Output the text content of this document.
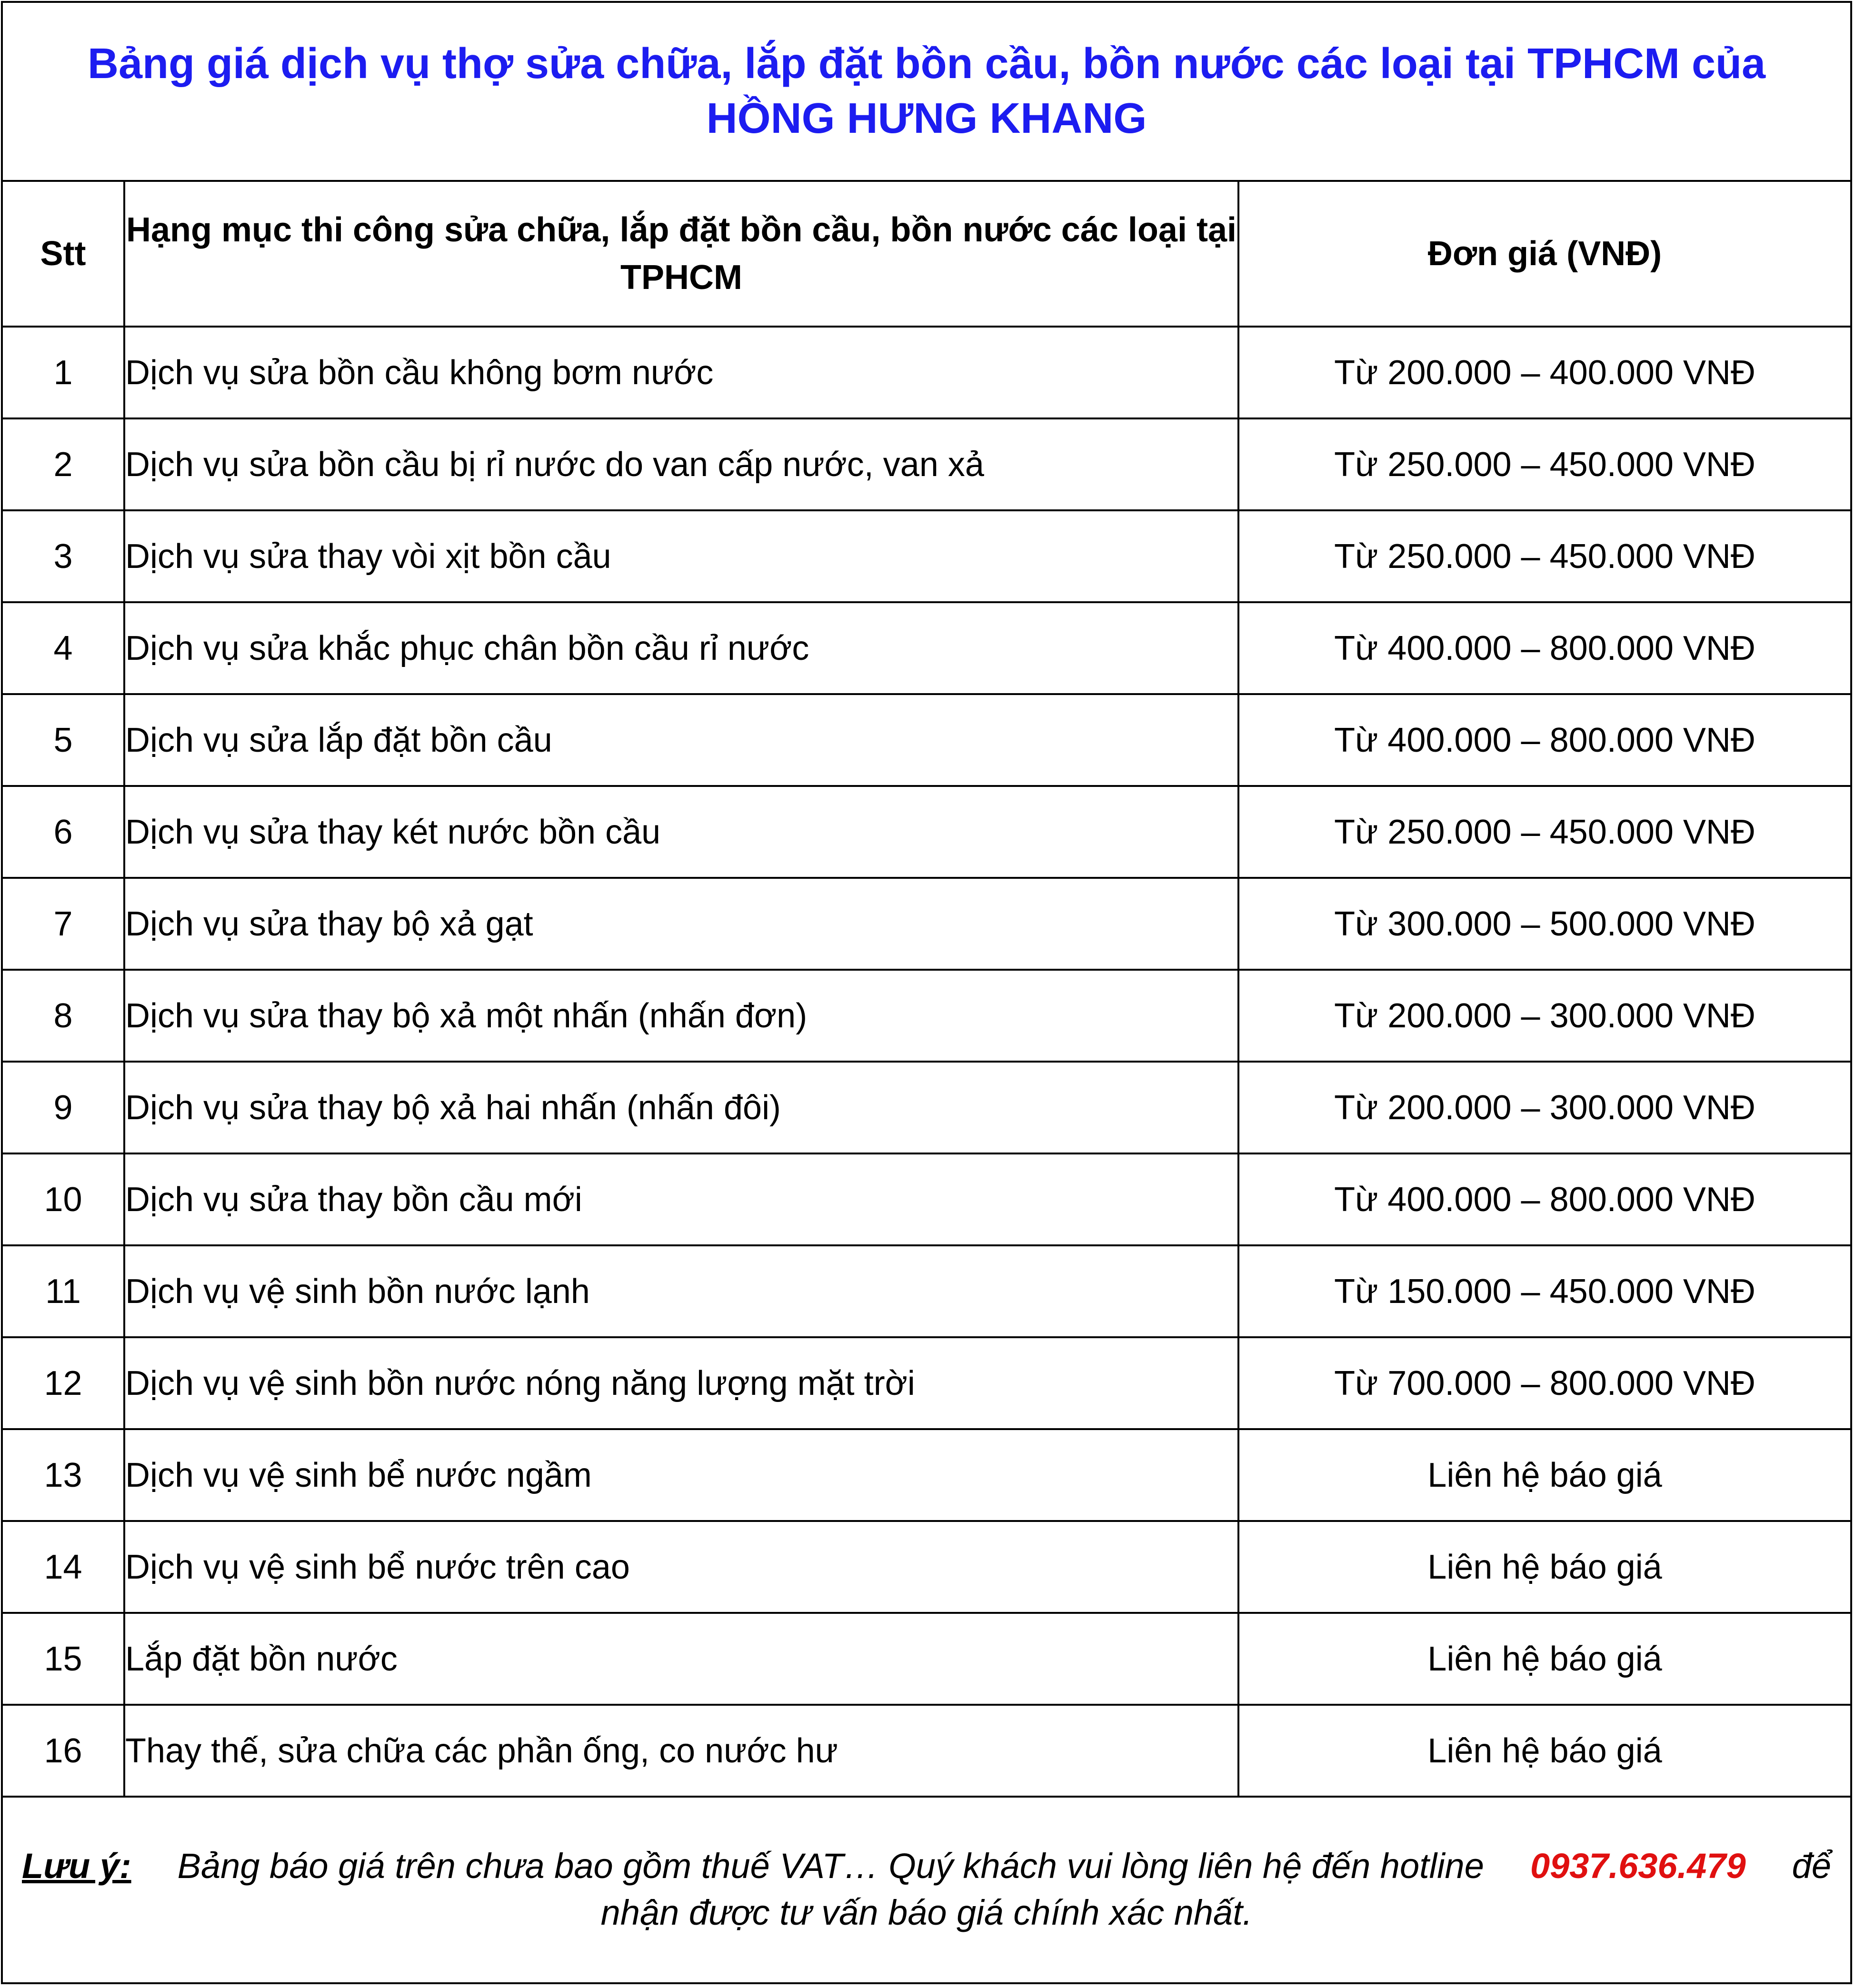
Bảng giá dịch vụ thợ sửa chữa, lắp đặt bồn cầu, bồn nước các loại tại TPHCM của
HỒNG HƯNG KHANG
Stt	Hạng mục thi công sửa chữa, lắp đặt bồn cầu, bồn nước các loại tại TPHCM	Đơn giá (VNĐ)
1	Dịch vụ sửa bồn cầu không bơm nước	Từ 200.000 – 400.000 VNĐ
2	Dịch vụ sửa bồn cầu bị rỉ nước do van cấp nước, van xả	Từ 250.000 – 450.000 VNĐ
3	Dịch vụ sửa thay vòi xịt bồn cầu	Từ 250.000 – 450.000 VNĐ
4	Dịch vụ sửa khắc phục chân bồn cầu rỉ nước	Từ 400.000 – 800.000 VNĐ
5	Dịch vụ sửa lắp đặt bồn cầu	Từ 400.000 – 800.000 VNĐ
6	Dịch vụ sửa thay két nước bồn cầu	Từ 250.000 – 450.000 VNĐ
7	Dịch vụ sửa thay bộ xả gạt	Từ 300.000 – 500.000 VNĐ
8	Dịch vụ sửa thay bộ xả một nhấn (nhấn đơn)	Từ 200.000 – 300.000 VNĐ
9	Dịch vụ sửa thay bộ xả hai nhấn (nhấn đôi)	Từ 200.000 – 300.000 VNĐ
10	Dịch vụ sửa thay bồn cầu mới	Từ 400.000 – 800.000 VNĐ
11	Dịch vụ vệ sinh bồn nước lạnh	Từ 150.000 – 450.000 VNĐ
12	Dịch vụ vệ sinh bồn nước nóng năng lượng mặt trời	Từ 700.000 – 800.000 VNĐ
13	Dịch vụ vệ sinh bể nước ngầm	Liên hệ báo giá
14	Dịch vụ vệ sinh bể nước trên cao	Liên hệ báo giá
15	Lắp đặt bồn nước	Liên hệ báo giá
16	Thay thế, sửa chữa các phần ống, co nước hư	Liên hệ báo giá
Lưu ý: Bảng báo giá trên chưa bao gồm thuế VAT… Quý khách vui lòng liên hệ đến hotline 0937.636.479 để
nhận được tư vấn báo giá chính xác nhất.
